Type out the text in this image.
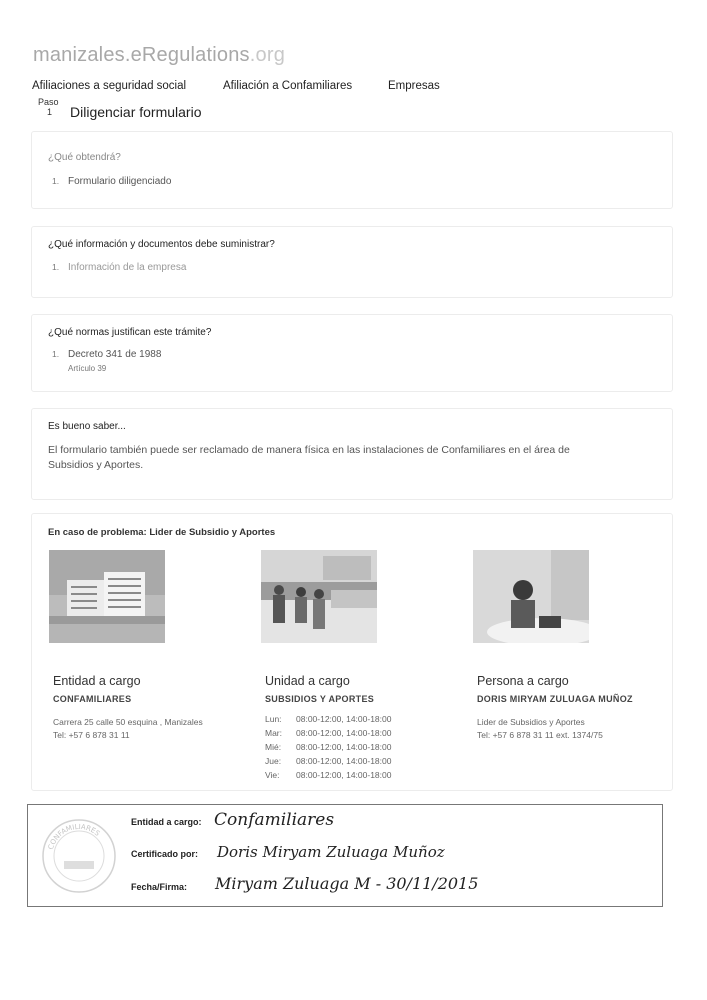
manizales.eRegulations.org
Afiliaciones a seguridad social	Afiliación a Confamiliares	Empresas
Paso
1 Diligenciar formulario
¿Qué obtendrá?
1. Formulario diligenciado
¿Qué información y documentos debe suministrar?
1. Información de la empresa
¿Qué normas justifican este trámite?
1. Decreto 341 de 1988
Artículo 39
Es bueno saber...

El formulario también puede ser reclamado de manera física en las instalaciones de Confamiliares en el área de Subsidios y Aportes.

En caso de problema: Lider de Subsidio y Aportes
Entidad a cargo
CONFAMILIARES
Carrera 25 calle 50 esquina , Manizales
Tel: +57 6 878 31 11
Unidad a cargo
SUBSIDIOS Y APORTES
Lun: 08:00-12:00, 14:00-18:00
Mar: 08:00-12:00, 14:00-18:00
Mié: 08:00-12:00, 14:00-18:00
Jue: 08:00-12:00, 14:00-18:00
Vie: 08:00-12:00, 14:00-18:00
Persona a cargo
DORIS MIRYAM ZULUAGA MUÑOZ
Lider de Subsidios y Aportes
Tel: +57 6 878 31 11 ext. 1374/75
CONFAMILIARES
Entidad a cargo: Confamiliares
Certificado por: Doris Miryam Zuluaga Muñoz
Fecha/Firma: Miryam Zuluaga M - 30/11/2015
